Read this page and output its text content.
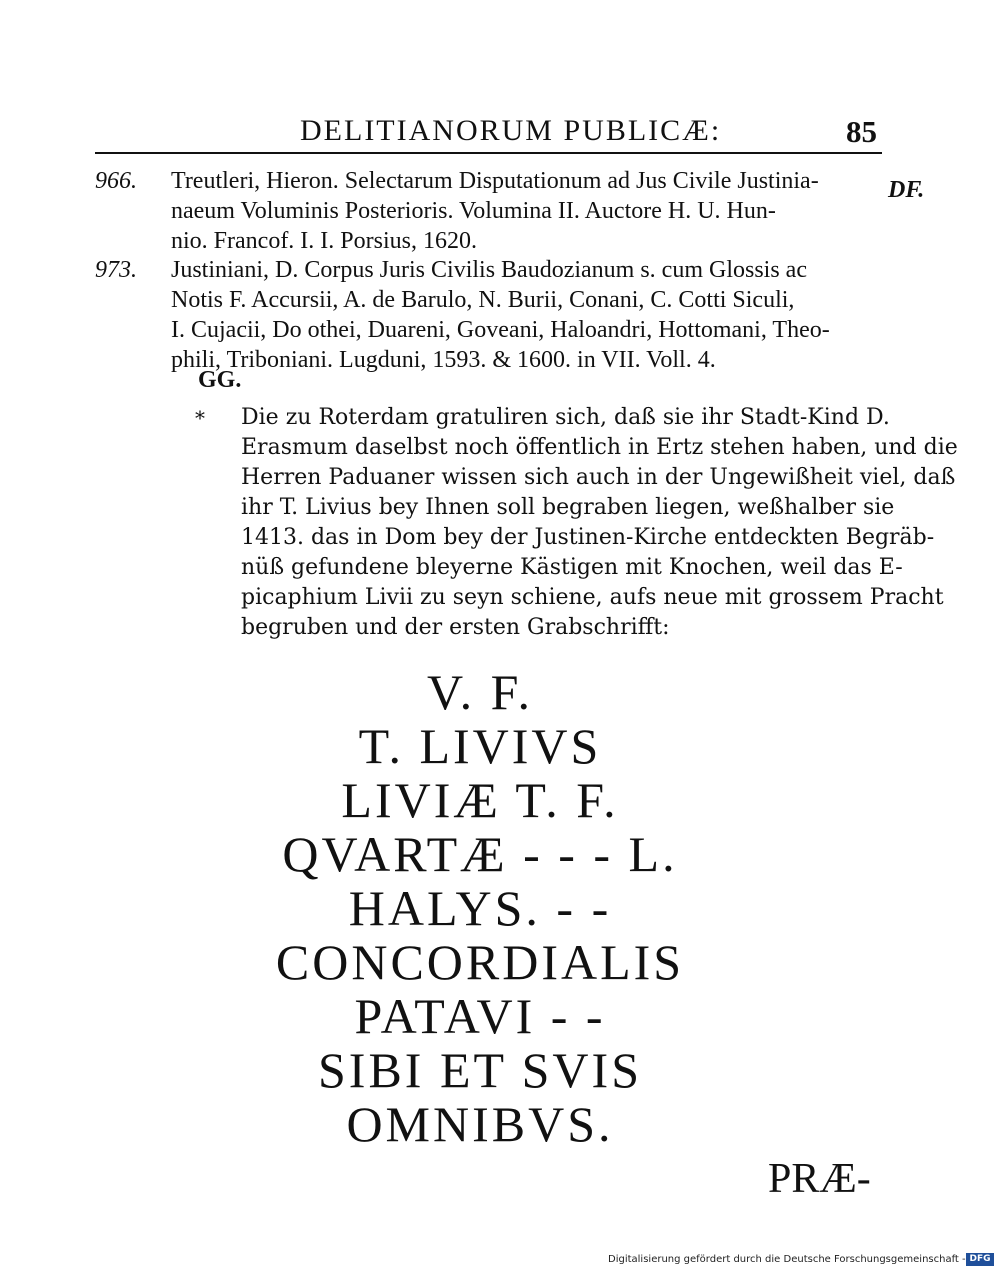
DELITIANORUM PUBLICÆ:	85
DF.
966.	Treutleri, Hieron. Selectarum Disputationum ad Jus Civile Justinia-
naeum Voluminis Posterioris. Volumina II. Auctore H. U. Hun-
nio. Francof. I. I. Porsius, 1620.
973.	Justiniani, D. Corpus Juris Civilis Baudozianum s. cum Glossis ac
Notis F. Accursii, A. de Barulo, N. Burii, Conani, C. Cotti Siculi,
I. Cujacii, Do othei, Duareni, Goveani, Haloandri, Hottomani, Theo-
phili, Triboniani. Lugduni, 1593. & 1600. in VII. Voll. 4.
GG.
* Die zu Roterdam gratuliren sich, daß sie ihr Stadt-Kind D.
Erasmum daselbst noch öffentlich in Ertz stehen haben, und die
Herren Paduaner wissen sich auch in der Ungewißheit viel, daß
ihr T. Livius bey Ihnen soll begraben liegen, weßhalber sie
1413. das in Dom bey der Justinen-Kirche entdeckten Begräb-
nüß gefundene bleyerne Kästigen mit Knochen, weil das E-
picaphium Livii zu seyn schiene, aufs neue mit grossem Pracht
begruben und der ersten Grabschrifft:
V. F.
T. LIVIVS
LIVIÆ T. F.
QVARTÆ - - - L.
HALYS. - -
CONCORDIALIS
PATAVI - -
SIBI ET SVIS
OMNIBVS.
PRÆ-
Digitalisierung gefördert durch die Deutsche Forschungsgemeinschaft - DFG
